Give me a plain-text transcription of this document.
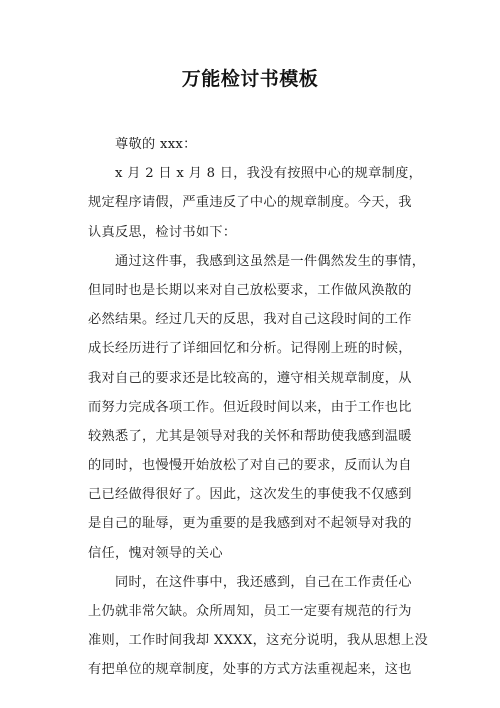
万能检讨书模板
尊敬的 xxx：
x 月 2 日 x 月 8 日，我没有按照中心的规章制度，
规定程序请假，严重违反了中心的规章制度。今天，我
认真反思，检讨书如下：
通过这件事，我感到这虽然是一件偶然发生的事情，
但同时也是长期以来对自己放松要求，工作做风涣散的
必然结果。经过几天的反思，我对自己这段时间的工作
成长经历进行了详细回忆和分析。记得刚上班的时候，
我对自己的要求还是比较高的，遵守相关规章制度，从
而努力完成各项工作。但近段时间以来，由于工作也比
较熟悉了，尤其是领导对我的关怀和帮助使我感到温暖
的同时，也慢慢开始放松了对自己的要求，反而认为自
己已经做得很好了。因此，这次发生的事使我不仅感到
是自己的耻辱，更为重要的是我感到对不起领导对我的
信任，愧对领导的关心
同时，在这件事中，我还感到，自己在工作责任心
上仍就非常欠缺。众所周知，员工一定要有规范的行为
准则，工作时间我却 XXXX，这充分说明，我从思想上没
有把单位的规章制度，处事的方式方法重视起来，这也
